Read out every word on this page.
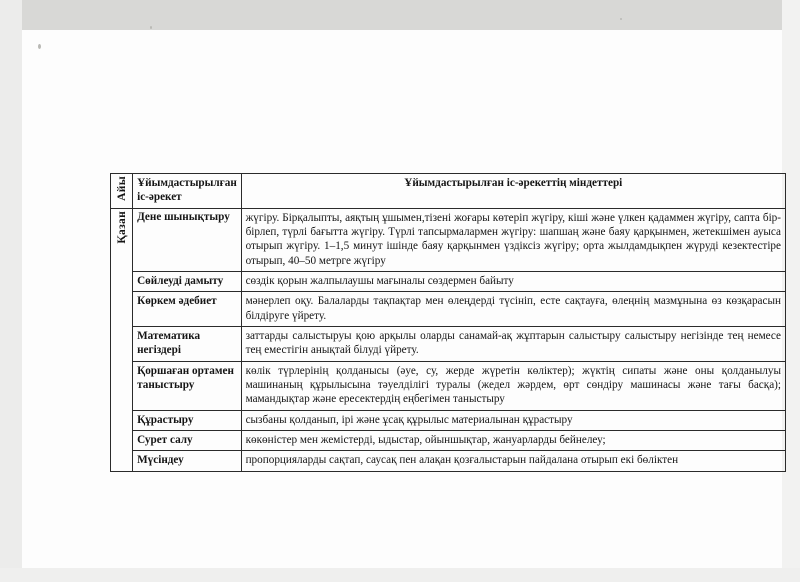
Айы	Ұйымдастырылған іс-әрекет	Ұйымдастырылған іс-әрекеттің міндеттері

Қазан	Дене шынықтыру	жүгіру. Бірқалыпты, аяқтың ұшымен,тізені жоғары көтеріп жүгіру, кіші және үлкен қадаммен жүгіру, сапта бір-бірлеп, түрлі бағытта жүгіру. Түрлі тапсырмалармен жүгіру: шапшаң және баяу қарқынмен, жетекшімен ауыса отырып жүгіру. 1–1,5 минут ішінде баяу қарқынмен үздіксіз жүгіру; орта жылдамдықпен жүруді кезектестіре отырып, 40–50 метрге жүгіру
	Сөйлеуді дамыту	сөздік қорын жалпылаушы мағыналы сөздермен байыту
	Көркем әдебиет	мәнерлеп оқу. Балаларды тақпақтар мен өлеңдерді түсініп, есте сақтауға, өлеңнің мазмұнына өз көзқарасын білдіруге үйрету.
	Математика негіздері	заттарды салыстыруы қою арқылы оларды санамай-ақ жұптарын салыстыру салыстыру негізінде тең немесе тең еместігін анықтай білуді үйрету.
	Қоршаған ортамен таныстыру	көлік түрлерінің қолданысы (әуе, су, жерде жүретін көліктер); жүктің сипаты және оны қолданылуы машинаның құрылысына тәуелділігі туралы (жедел жәрдем, өрт сөндіру машинасы және тағы басқа); мамандықтар және ересектердің еңбегімен таныстыру
	Құрастыру	сызбаны қолданып, ірі және ұсақ құрылыс материалынан құрастыру
	Сурет салу	көкөністер мен жемістерді, ыдыстар, ойыншықтар, жануарларды бейнелеу;
	Мүсіндеу	пропорцияларды сақтап, саусақ пен алақан қозғалыстарын пайдалана отырып екі бөліктен
